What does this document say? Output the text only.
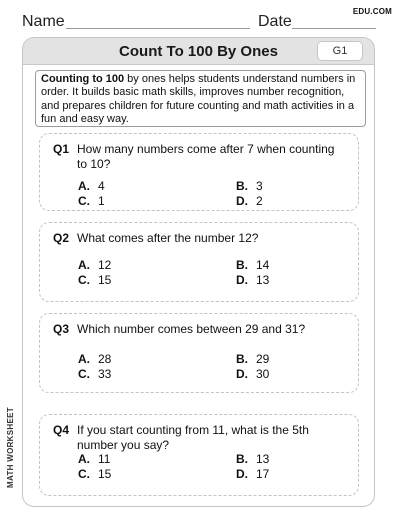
Name	Date
EDU.COM
MATH WORKSHEET
Count To 100 By Ones	G1
Counting to 100 by ones helps students understand numbers in order. It builds basic math skills, improves number recognition, and prepares children for future counting and math activities in a fun and easy way.
Q1 How many numbers come after 7 when counting to 10?
A. 4	B. 3
C. 1	D. 2
Q2 What comes after the number 12?
A. 12	B. 14
C. 15	D. 13
Q3 Which number comes between 29 and 31?
A. 28	B. 29
C. 33	D. 30
Q4 If you start counting from 11, what is the 5th number you say?
A. 11	B. 13
C. 15	D. 17
